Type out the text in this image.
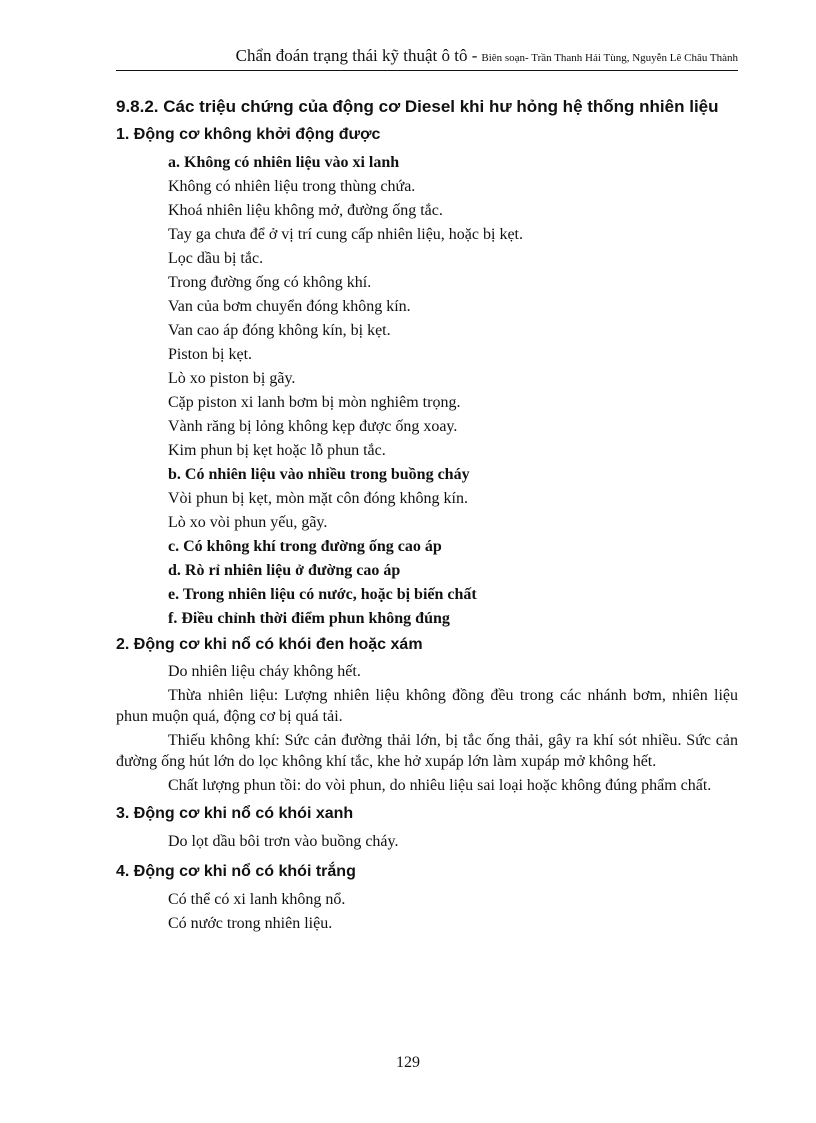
Chẩn đoán trạng thái kỹ thuật ô tô - Biên soạn- Trần Thanh Hải Tùng, Nguyễn Lê Châu Thành
9.8.2. Các triệu chứng của động cơ Diesel khi hư hỏng hệ thống nhiên liệu
1. Động cơ không khởi động được
a. Không có nhiên liệu vào xi lanh
Không có nhiên liệu trong thùng chứa.
Khoá nhiên liệu không mở, đường ống tắc.
Tay ga chưa để ở vị trí cung cấp nhiên liệu, hoặc bị kẹt.
Lọc dầu bị tắc.
Trong đường ống có không khí.
Van của bơm chuyển đóng không kín.
Van cao áp đóng không kín, bị kẹt.
Piston bị kẹt.
Lò xo piston bị gãy.
Cặp piston xi lanh bơm bị mòn nghiêm trọng.
Vành răng bị lỏng không kẹp được ống xoay.
Kim phun bị kẹt hoặc lỗ phun tắc.
b. Có nhiên liệu vào nhiều trong buồng cháy
Vòi phun bị kẹt, mòn mặt côn đóng không kín.
Lò xo vòi phun yếu, gãy.
c. Có không khí trong đường ống cao áp
d. Rò rỉ nhiên liệu ở đường cao áp
e. Trong nhiên liệu có nước, hoặc bị biến chất
f. Điều chỉnh thời điểm phun không đúng
2. Động cơ khi nổ có khói đen hoặc xám

Do nhiên liệu cháy không hết.

Thừa nhiên liệu: Lượng nhiên liệu không đồng đều trong các nhánh bơm, nhiên liệu phun muộn quá, động cơ bị quá tải.

Thiếu không khí: Sức cản đường thải lớn, bị tắc ống thải, gây ra khí sót nhiều. Sức cản đường ống hút lớn do lọc không khí tắc, khe hở xupáp lớn làm xupáp mở không hết.

Chất lượng phun tồi: do vòi phun, do nhiêu liệu sai loại hoặc không đúng phẩm chất.

3. Động cơ khi nổ có khói xanh
Do lọt dầu bôi trơn vào buồng cháy.
4. Động cơ khi nổ có khói trắng
Có thể có xi lanh không nổ.
Có nước trong nhiên liệu.
129
